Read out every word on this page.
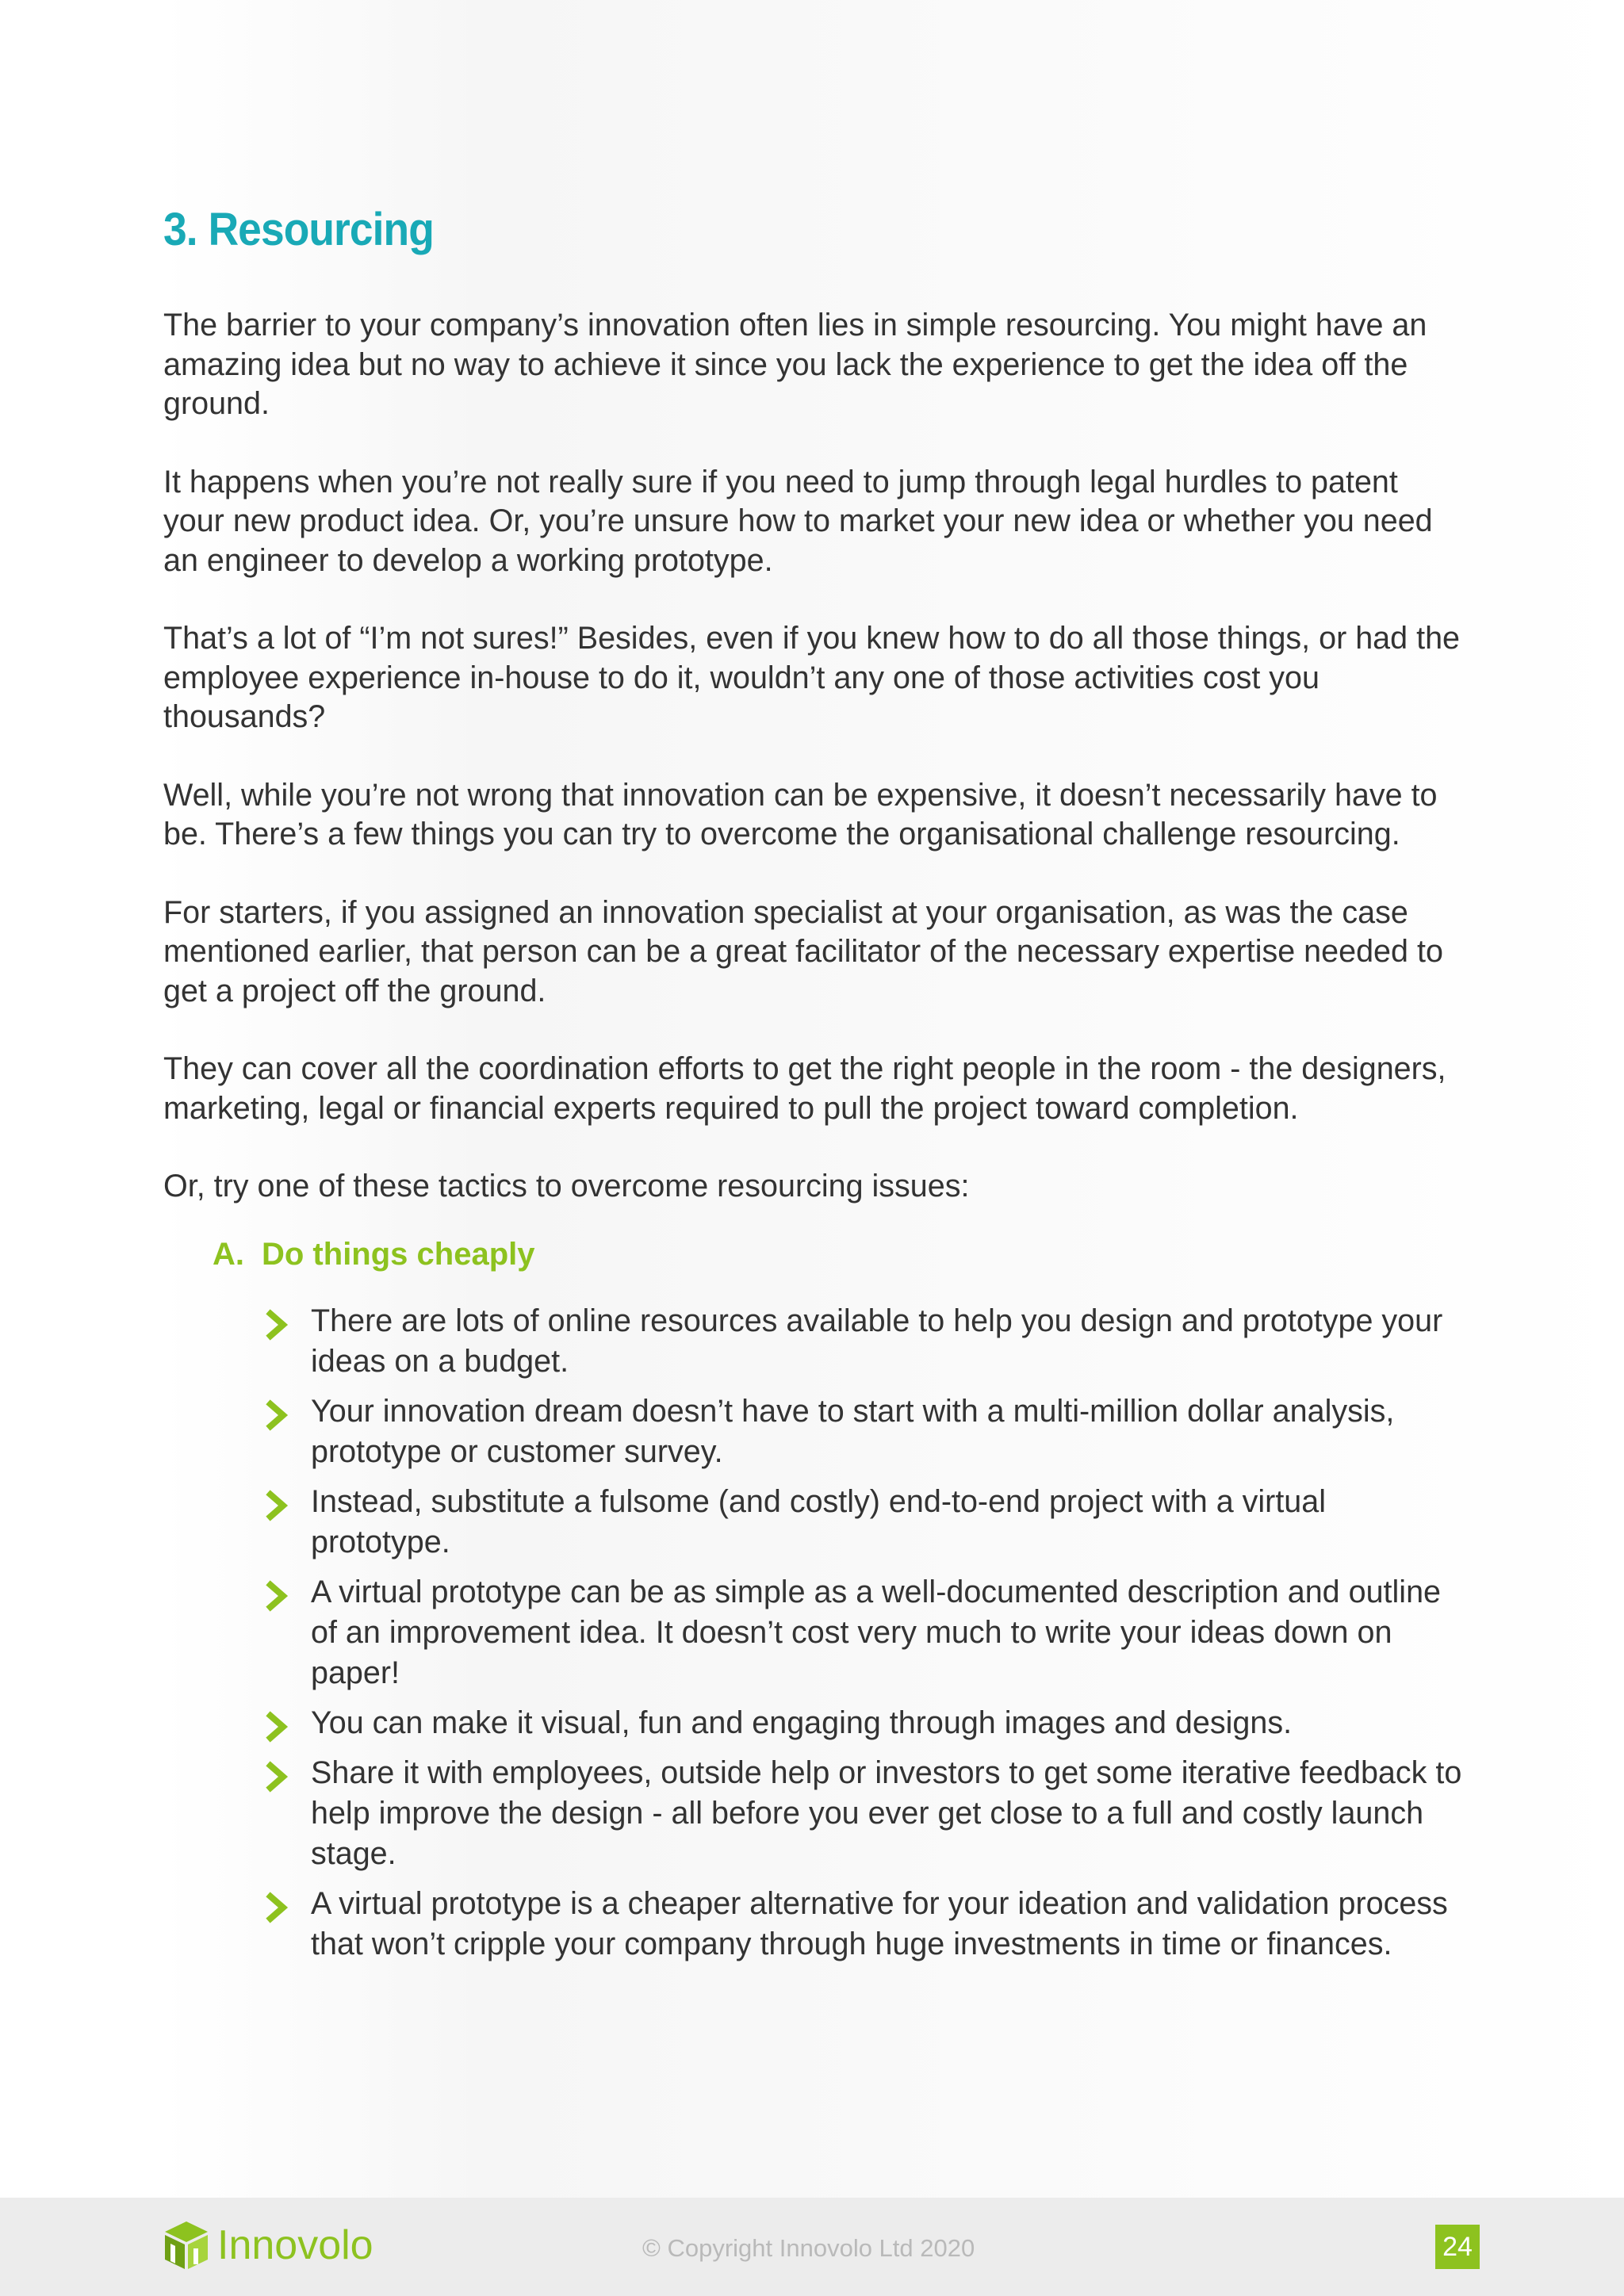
3. Resourcing

The barrier to your company’s innovation often lies in simple resourcing. You might have an amazing idea but no way to achieve it since you lack the experience to get the idea off the ground.

It happens when you’re not really sure if you need to jump through legal hurdles to patent your new product idea. Or, you’re unsure how to market your new idea or whether you need an engineer to develop a working prototype.

That’s a lot of “I’m not sures!” Besides, even if you knew how to do all those things, or had the employee experience in-house to do it, wouldn’t any one of those activities cost you thousands?

Well, while you’re not wrong that innovation can be expensive, it doesn’t necessarily have to be. There’s a few things you can try to overcome the organisational challenge resourcing.

For starters, if you assigned an innovation specialist at your organisation, as was the case mentioned earlier, that person can be a great facilitator of the necessary expertise needed to get a project off the ground.

They can cover all the coordination efforts to get the right people in the room - the designers, marketing, legal or financial experts required to pull the project toward completion.

Or, try one of these tactics to overcome resourcing issues:

A. Do things cheaply
There are lots of online resources available to help you design and prototype your ideas on a budget.
Your innovation dream doesn’t have to start with a multi-million dollar analysis, prototype or customer survey.
Instead, substitute a fulsome (and costly) end-to-end project with a virtual prototype.
A virtual prototype can be as simple as a well-documented description and outline of an improvement idea. It doesn’t cost very much to write your ideas down on paper!
You can make it visual, fun and engaging through images and designs.
Share it with employees, outside help or investors to get some iterative feedback to help improve the design - all before you ever get close to a full and costly launch stage.
A virtual prototype is a cheaper alternative for your ideation and validation process that won’t cripple your company through huge investments in time or finances.
Innovolo	© Copyright Innovolo Ltd 2020	24
